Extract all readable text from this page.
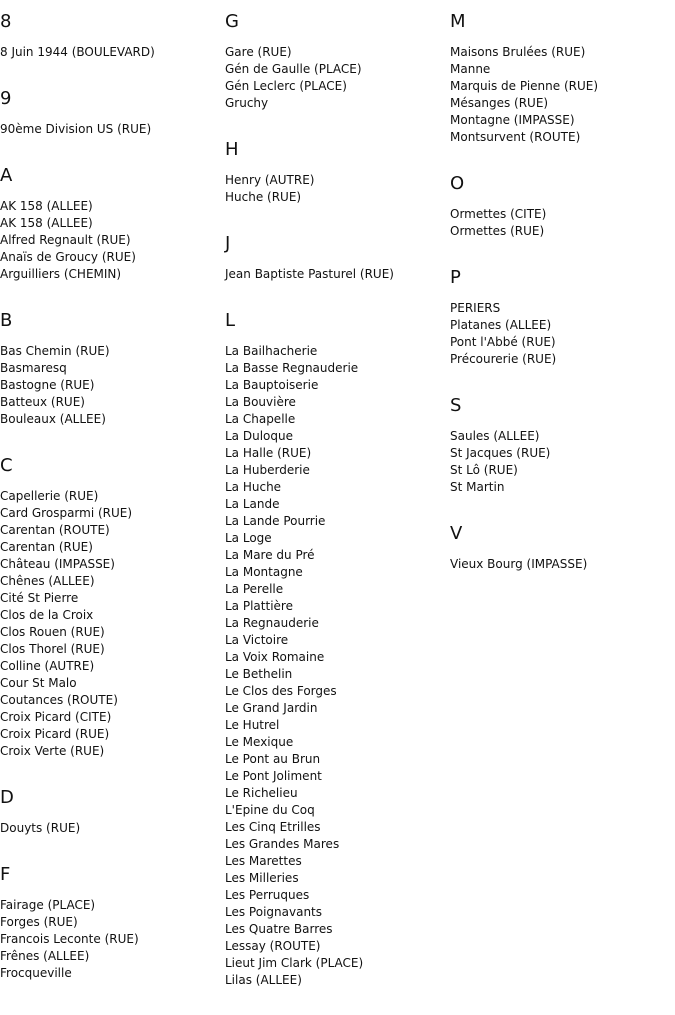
8
8 Juin 1944 (BOULEVARD)
9
90ème Division US (RUE)
A
AK 158 (ALLEE)
AK 158 (ALLEE)
Alfred Regnault (RUE)
Anaïs de Groucy (RUE)
Arguilliers (CHEMIN)
B
Bas Chemin (RUE)
Basmaresq
Bastogne (RUE)
Batteux (RUE)
Bouleaux (ALLEE)
C
Capellerie (RUE)
Card Grosparmi (RUE)
Carentan (ROUTE)
Carentan (RUE)
Château (IMPASSE)
Chênes (ALLEE)
Cité St Pierre
Clos de la Croix
Clos Rouen (RUE)
Clos Thorel (RUE)
Colline (AUTRE)
Cour St Malo
Coutances (ROUTE)
Croix Picard (CITE)
Croix Picard (RUE)
Croix Verte (RUE)
D
Douyts (RUE)
F
Fairage (PLACE)
Forges (RUE)
Francois Leconte (RUE)
Frênes (ALLEE)
Frocqueville
G
Gare (RUE)
Gén de Gaulle (PLACE)
Gén Leclerc (PLACE)
Gruchy
H
Henry (AUTRE)
Huche (RUE)
J
Jean Baptiste Pasturel (RUE)
L
La Bailhacherie
La Basse Regnauderie
La Bauptoiserie
La Bouvière
La Chapelle
La Duloque
La Halle (RUE)
La Huberderie
La Huche
La Lande
La Lande Pourrie
La Loge
La Mare du Pré
La Montagne
La Perelle
La Plattière
La Regnauderie
La Victoire
La Voix Romaine
Le Bethelin
Le Clos des Forges
Le Grand Jardin
Le Hutrel
Le Mexique
Le Pont au Brun
Le Pont Joliment
Le Richelieu
L'Epine du Coq
Les Cinq Etrilles
Les Grandes Mares
Les Marettes
Les Milleries
Les Perruques
Les Poignavants
Les Quatre Barres
Lessay (ROUTE)
Lieut Jim Clark (PLACE)
Lilas (ALLEE)
M
Maisons Brulées (RUE)
Manne
Marquis de Pienne (RUE)
Mésanges (RUE)
Montagne (IMPASSE)
Montsurvent (ROUTE)
O
Ormettes (CITE)
Ormettes (RUE)
P
PERIERS
Platanes (ALLEE)
Pont l'Abbé (RUE)
Précourerie (RUE)
S
Saules (ALLEE)
St Jacques (RUE)
St Lô (RUE)
St Martin
V
Vieux Bourg (IMPASSE)
